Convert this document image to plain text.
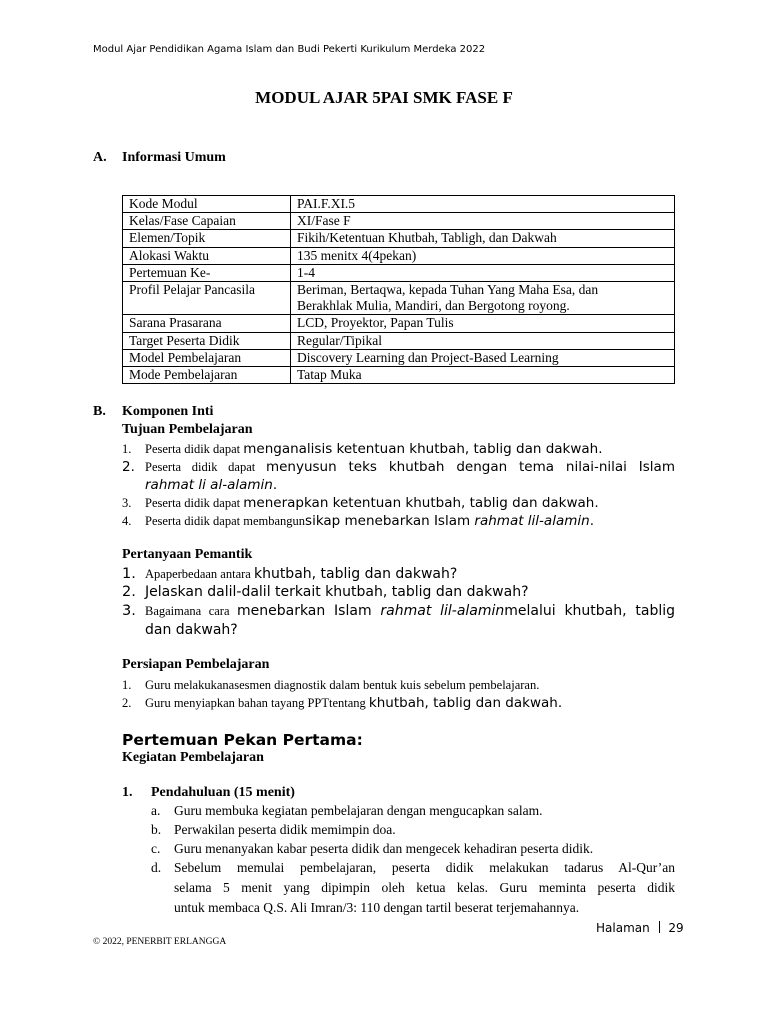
Modul Ajar Pendidikan Agama Islam dan Budi Pekerti Kurikulum Merdeka 2022
MODUL AJAR 5PAI SMK FASE F
A. Informasi Umum
Kode Modul	PAI.F.XI.5
Kelas/Fase Capaian	XI/Fase F
Elemen/Topik	Fikih/Ketentuan Khutbah, Tabligh, dan Dakwah
Alokasi Waktu	135 menitx 4(4pekan)
Pertemuan Ke-	1-4
Profil Pelajar Pancasila	Beriman, Bertaqwa, kepada Tuhan Yang Maha Esa, dan
Berakhlak Mulia, Mandiri, dan Bergotong royong.

Sarana Prasarana	LCD, Proyektor, Papan Tulis
Target Peserta Didik	Regular/Tipikal
Model Pembelajaran	Discovery Learning dan Project-Based Learning
Mode Pembelajaran	Tatap Muka
B. Komponen Inti
Tujuan Pembelajaran
1. Peserta didik dapat menganalisis ketentuan khutbah, tablig dan dakwah.
2. Peserta didik dapat menyusun teks khutbah dengan tema nilai-nilai Islam
rahmat li al-alamin.
3. Peserta didik dapat menerapkan ketentuan khutbah, tablig dan dakwah.
4. Peserta didik dapat membangunsikap menebarkan Islam rahmat lil-alamin.
Pertanyaan Pemantik
1. Apaperbedaan antara khutbah, tablig dan dakwah?
2. Jelaskan dalil-dalil terkait khutbah, tablig dan dakwah?
3. Bagaimana cara menebarkan Islam rahmat lil-alaminmelalui khutbah, tablig
dan dakwah?
Persiapan Pembelajaran
1. Guru melakukanasesmen diagnostik dalam bentuk kuis sebelum pembelajaran.
2. Guru menyiapkan bahan tayang PPTtentang khutbah, tablig dan dakwah.
Pertemuan Pekan Pertama:
Kegiatan Pembelajaran
1. Pendahuluan (15 menit)
a. Guru membuka kegiatan pembelajaran dengan mengucapkan salam.
b. Perwakilan peserta didik memimpin doa.
c. Guru menanyakan kabar peserta didik dan mengecek kehadiran peserta didik.
d. Sebelum memulai pembelajaran, peserta didik melakukan tadarus Al-Qur’an
selama 5 menit yang dipimpin oleh ketua kelas. Guru meminta peserta didik
untuk membaca Q.S. Ali Imran/3: 110 dengan tartil beserat terjemahannya.
Halaman 29
© 2022, PENERBIT ERLANGGA
